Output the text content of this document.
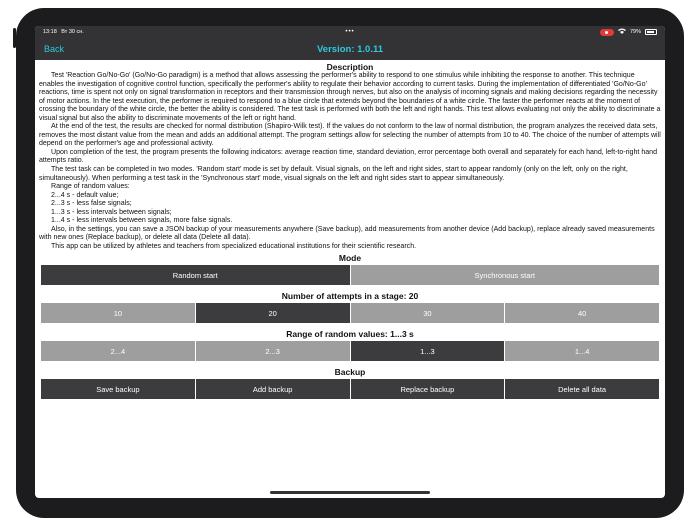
13:18 Вт 30 сн.	•••	79%
Back	Version: 1.0.11
Description

Test 'Reaction Go/No-Go' (Go/No-Go paradigm) is a method that allows assessing the performer's ability to respond to one stimulus while inhibiting the response to another. This technique enables the investigation of cognitive control function, specifically the performer's ability to regulate their behavior according to current tasks. During the implementation of differentiated 'Go/No-Go' reactions, time is spent not only on signal transformation in receptors and their transmission through nerves, but also on the analysis of incoming signals and making decisions regarding the necessity of motor actions. In the test execution, the performer is required to respond to a blue circle that extends beyond the boundaries of a white circle. The faster the performer reacts at the moment of crossing the boundary of the white circle, the better the ability is considered. The test task is performed with both the left and right hands. This test allows evaluating not only the ability to discriminate a visual signal but also the ability to discriminate movements of the left or right hand.

At the end of the test, the results are checked for normal distribution (Shapiro-Wilk test). If the values do not conform to the law of normal distribution, the program analyzes the received data sets, removes the most distant value from the mean and adds an additional attempt. The program settings allow for selecting the number of attempts from 10 to 40. The choice of the number of attempts will depend on the performer's age and professional activity.

Upon completion of the test, the program presents the following indicators: average reaction time, standard deviation, error percentage both overall and separately for each hand, left-to-right hand attempts ratio.

The test task can be completed in two modes. 'Random start' mode is set by default. Visual signals, on the left and right sides, start to appear randomly (only on the left, only on the right, simultaneously). When performing a test task in the 'Synchronous start' mode, visual signals on the left and right sides start to appear simultaneously.

Range of random values:

2...4 s - default value;

2...3 s - less false signals;

1...3 s - less intervals between signals;

1...4 s - less intervals between signals, more false signals.

Also, in the settings, you can save a JSON backup of your measurements anywhere (Save backup), add measurements from another device (Add backup), replace already saved measurements with new ones (Replace backup), or delete all data (Delete all data).

This app can be utilized by athletes and teachers from specialized educational institutions for their scientific research.

Mode
Random start	Synchronous start
Number of attempts in a stage: 20
10	20	30	40
Range of random values: 1...3 s
2...4	2...3	1...3	1...4
Backup
Save backup	Add backup	Replace backup	Delete all data
